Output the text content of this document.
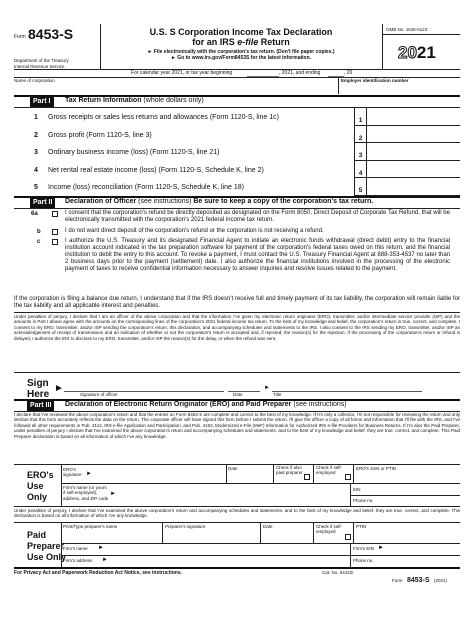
Form 8453-S
Department of the Treasury
Internal Revenue Service
U.S. S Corporation Income Tax Declaration
for an IRS e-file Return
► File electronically with the corporation's tax return. (Don't file paper copies.)
► Go to www.irs.gov/Form8453S for the latest information.
OMB No. 1545-0123
2021
For calendar year 2021, or tax year beginning	, 2021, and ending	, 20
Name of corporation	Employer identification number
Part I	Tax Return Information (whole dollars only)
1 Gross receipts or sales less returns and allowances (Form 1120-S, line 1c)	1
2 Gross profit (Form 1120-S, line 3)	2
3 Ordinary business income (loss) (Form 1120-S, line 21)	3
4 Net rental real estate income (loss) (Form 1120-S, Schedule K, line 2)	4
5 Income (loss) reconciliation (Form 1120-S, Schedule K, line 18)	5
Part II	Declaration of Officer (see instructions) Be sure to keep a copy of the corporation's tax return.
6a	I consent that the corporation's refund be directly deposited as designated on the Form 8050, Direct Deposit of Corporate Tax Refund, that will be electronically transmitted with the corporation's 2021 federal income tax return.
b	I do not want direct deposit of the corporation's refund or the corporation is not receiving a refund.
c	I authorize the U.S. Treasury and its designated Financial Agent to initiate an electronic funds withdrawal (direct debit) entry to the financial institution account indicated in the tax preparation software for payment of the corporation's federal taxes owed on this return, and the financial institution to debit the entry to this account. To revoke a payment, I must contact the U.S. Treasury Financial Agent at 888-353-4537 no later than 2 business days prior to the payment (settlement) date. I also authorize the financial institutions involved in the processing of the electronic payment of taxes to receive confidential information necessary to answer inquiries and resolve issues related to the payment.
If the corporation is filing a balance due return, I understand that if the IRS doesn't receive full and timely payment of its tax liability, the corporation will remain liable for the tax liability and all applicable interest and penalties.
Under penalties of perjury, I declare that I am an officer of the above corporation and that the information I've given my electronic return originator (ERO), transmitter, and/or intermediate service provider (ISP) and the amounts in Part I above agree with the amounts on the corresponding lines of the corporation's 2021 federal income tax return. To the best of my knowledge and belief, the corporation's return is true, correct, and complete. I consent to my ERO, transmitter, and/or ISP sending the corporation's return, this declaration, and accompanying schedules and statements to the IRS. I also consent to the IRS sending my ERO, transmitter, and/or ISP an acknowledgement of receipt of transmission and an indication of whether or not the corporation's return is accepted and, if rejected, the reason(s) for the rejection. If the processing of the corporation's return or refund is delayed, I authorize the IRS to disclose to my ERO, transmitter, and/or ISP the reason(s) for the delay, or when the refund was sent.
Sign
Here
►
Signature of officer	Date
►
Title
Part III	Declaration of Electronic Return Originator (ERO) and Paid Preparer (see instructions)
I declare that I've reviewed the above corporation's return and that the entries on Form 8453-S are complete and correct to the best of my knowledge. If I'm only a collector, I'm not responsible for reviewing the return and only declare that this form accurately reflects the data on the return. The corporate officer will have signed this form before I submit the return. I'll give the officer a copy of all forms and information that I'll file with the IRS, and I've followed all other requirements in Pub. 3112, IRS e-file Application and Participation, and Pub. 4163, Modernized e-File (MeF) Information for Authorized IRS e-file Providers for Business Returns. If I'm also the Paid Preparer, under penalties of perjury I declare that I've examined the above corporation's return and accompanying schedules and statements, and to the best of my knowledge and belief, they are true, correct, and complete. This Paid Preparer declaration is based on all information of which I've any knowledge.
ERO's
Use
Only
ERO's signature ►
Date	Check if also paid preparer
Check if self-employed
ERO's SSN or PTIN
Firm's name (or yours if self-employed), address, and ZIP code
►
EIN
Phone no.
Under penalties of perjury, I declare that I've examined the above corporation's return and accompanying schedules and statements, and to the best of my knowledge and belief, they are true, correct, and complete. This declaration is based on all information of which I've any knowledge.
Paid
Preparer
Use Only
Print/Type preparer's name	Preparer's signature	Date	Check if self-employed
PTIN
Firm's name ►	Firm's EIN ►
Firm's address ►	Phone no.
For Privacy Act and Paperwork Reduction Act Notice, see instructions.	Cat. No. 64422I
Form 8453-S (2021)
